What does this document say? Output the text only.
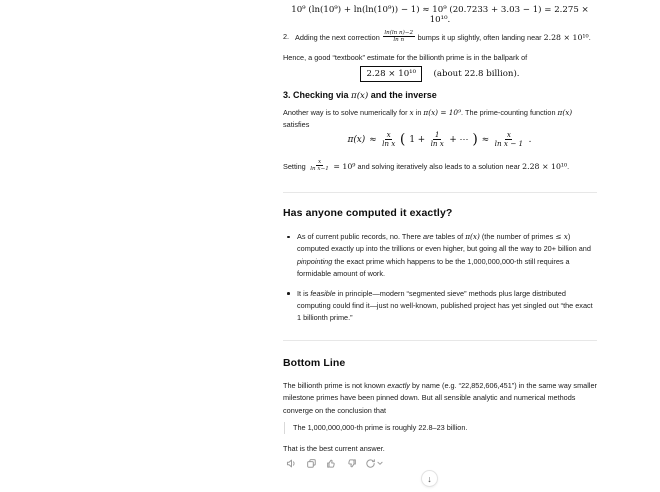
10⁹ (ln(10⁹) + ln(ln(10⁹)) − 1) ≈ 10⁹ (20.7233 + 3.03 − 1) = 2.275 × 10¹⁰.
2. Adding the next correction $\frac{\text{ln(ln n)−2}}{\text{ln n}}$ bumps it up slightly, often landing near 2.28 × 10¹⁰.
Hence, a good “textbook” estimate for the billionth prime is in the ballpark of
2.28 × 10¹⁰ (about 22.8 billion).
3. Checking via π(x) and the inverse
Another way is to solve numerically for x in π(x) = 10⁹. The prime-counting function π(x) satisfies
$\pi(x) \approx \frac{x}{\text{ln x}}$ ( $1 + \frac{1}{\text{ln x}}$ + ⋯ ) ≈ $\frac{x}{\text{ln x − 1}}$ .
Setting $\frac{x}{\text{ln x−1}} = 10^9$ and solving iteratively also leads to a solution near 2.28 × 10¹⁰.
Has anyone computed it exactly?
As of current public records, no. There are tables of π(x) (the number of primes ≤ x) computed exactly up into the trillions or even higher, but going all the way to 20+ billion and pinpointing the exact prime which happens to be the 1,000,000,000-th still requires a formidable amount of work.
It is feasible in principle—modern “segmented sieve” methods plus large distributed computing could find it—just no well-known, published project has yet singled out “the exact 1 billionth prime.”
Bottom Line
The billionth prime is not known exactly by name (e.g. “22,852,606,451”) in the same way smaller milestone primes have been pinned down. But all sensible analytic and numerical methods converge on the conclusion that
The 1,000,000,000-th prime is roughly 22.8–23 billion.
That is the best current answer.
↓
